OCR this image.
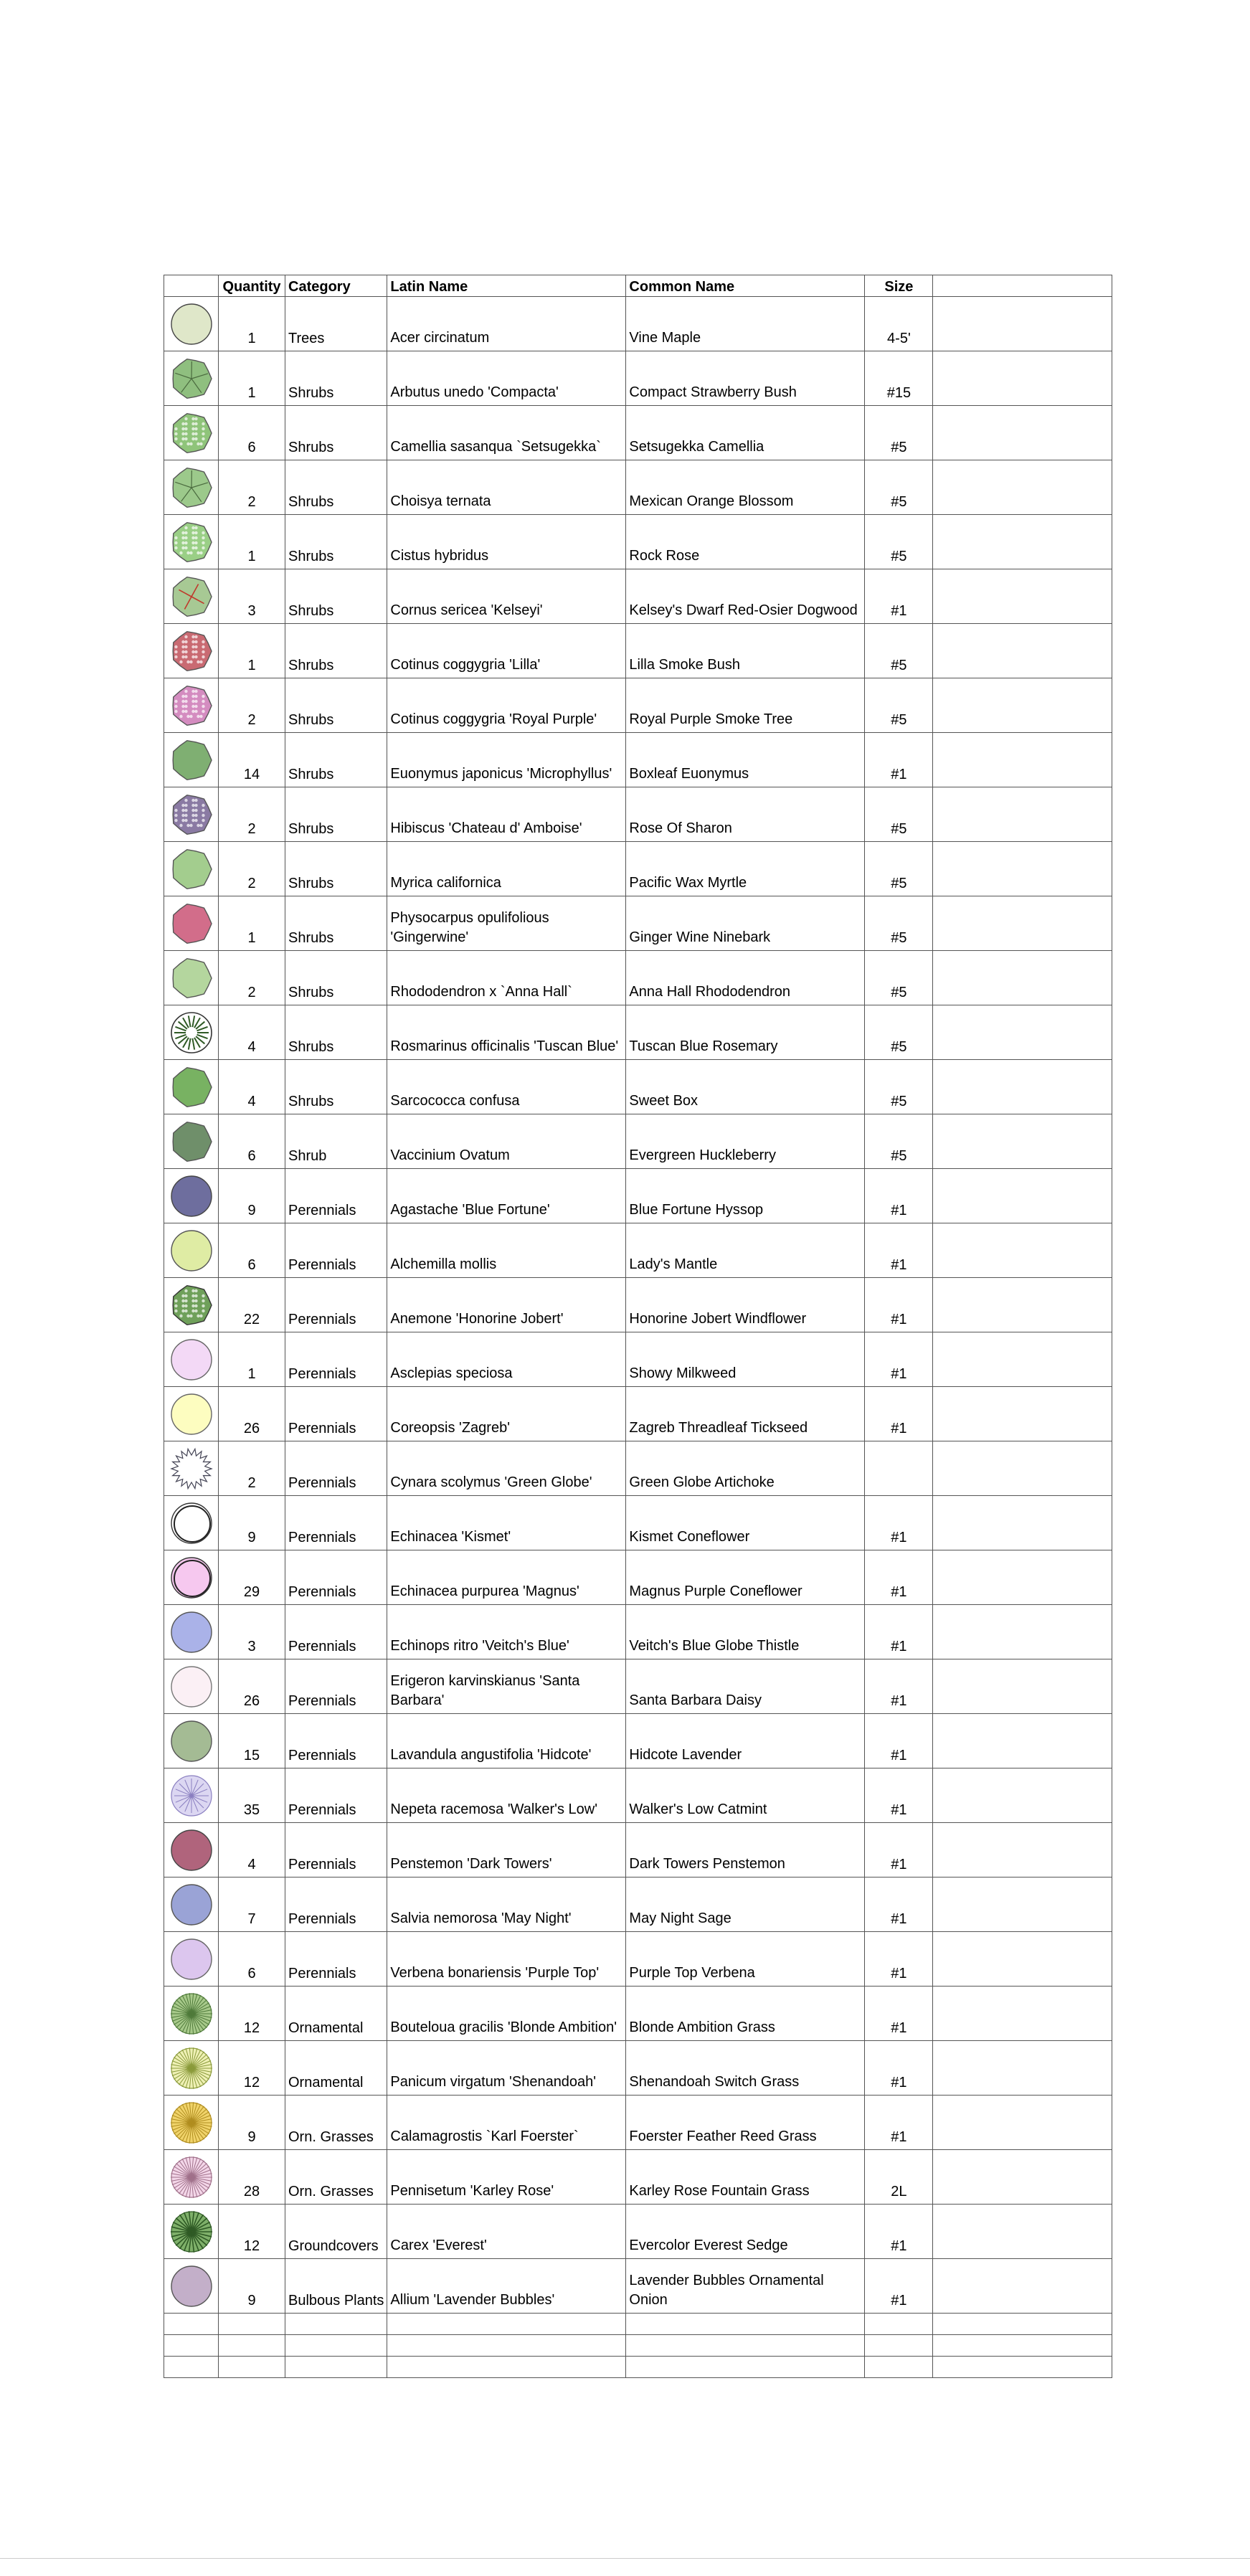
	Quantity	Category	Latin Name	Common Name	Size	

	1	Trees	Acer circinatum	Vine Maple	4-5'	

	1	Shrubs	Arbutus unedo 'Compacta'	Compact Strawberry Bush	#15	

	6	Shrubs	Camellia sasanqua `Setsugekka`	Setsugekka Camellia	#5	

	2	Shrubs	Choisya ternata	Mexican Orange Blossom	#5	

	1	Shrubs	Cistus hybridus	Rock Rose	#5	

	3	Shrubs	Cornus sericea 'Kelseyi'	Kelsey's Dwarf Red-Osier Dogwood	#1	

	1	Shrubs	Cotinus coggygria 'Lilla'	Lilla Smoke Bush	#5	

	2	Shrubs	Cotinus coggygria 'Royal Purple'	Royal Purple Smoke Tree	#5	

	14	Shrubs	Euonymus japonicus 'Microphyllus'	Boxleaf Euonymus	#1	

	2	Shrubs	Hibiscus 'Chateau d' Amboise'	Rose Of Sharon	#5	

	2	Shrubs	Myrica californica	Pacific Wax Myrtle	#5	

	1	Shrubs	Physocarpus opulifolious 'Gingerwine'	Ginger Wine Ninebark	#5	

	2	Shrubs	Rhododendron x `Anna Hall`	Anna Hall Rhododendron	#5	

	4	Shrubs	Rosmarinus officinalis 'Tuscan Blue'	Tuscan Blue Rosemary	#5	

	4	Shrubs	Sarcococca confusa	Sweet Box	#5	

	6	Shrub	Vaccinium Ovatum	Evergreen Huckleberry	#5	

	9	Perennials	Agastache 'Blue Fortune'	Blue Fortune Hyssop	#1	

	6	Perennials	Alchemilla mollis	Lady's Mantle	#1	

	22	Perennials	Anemone 'Honorine Jobert'	Honorine Jobert Windflower	#1	

	1	Perennials	Asclepias speciosa	Showy Milkweed	#1	

	26	Perennials	Coreopsis 'Zagreb'	Zagreb Threadleaf Tickseed	#1	

	2	Perennials	Cynara scolymus 'Green Globe'	Green Globe Artichoke		

	9	Perennials	Echinacea 'Kismet'	Kismet Coneflower	#1	

	29	Perennials	Echinacea purpurea 'Magnus'	Magnus Purple Coneflower	#1	

	3	Perennials	Echinops ritro 'Veitch's Blue'	Veitch's Blue Globe Thistle	#1	

	26	Perennials	Erigeron karvinskianus 'Santa Barbara'	Santa Barbara Daisy	#1	

	15	Perennials	Lavandula angustifolia 'Hidcote'	Hidcote Lavender	#1	

	35	Perennials	Nepeta racemosa 'Walker's Low'	Walker's Low Catmint	#1	

	4	Perennials	Penstemon 'Dark Towers'	Dark Towers Penstemon	#1	

	7	Perennials	Salvia nemorosa 'May Night'	May Night Sage	#1	

	6	Perennials	Verbena bonariensis 'Purple Top'	Purple Top Verbena	#1	

	12	Ornamental	Bouteloua gracilis 'Blonde Ambition'	Blonde Ambition Grass	#1	

	12	Ornamental	Panicum virgatum 'Shenandoah'	Shenandoah Switch Grass	#1	

	9	Orn. Grasses	Calamagrostis `Karl Foerster`	Foerster Feather Reed Grass	#1	

	28	Orn. Grasses	Pennisetum 'Karley Rose'	Karley Rose Fountain Grass	2L	

	12	Groundcovers	Carex 'Everest'	Evercolor Everest Sedge	#1	

	9	Bulbous Plants	Allium 'Lavender Bubbles'	Lavender Bubbles Ornamental Onion	#1	
